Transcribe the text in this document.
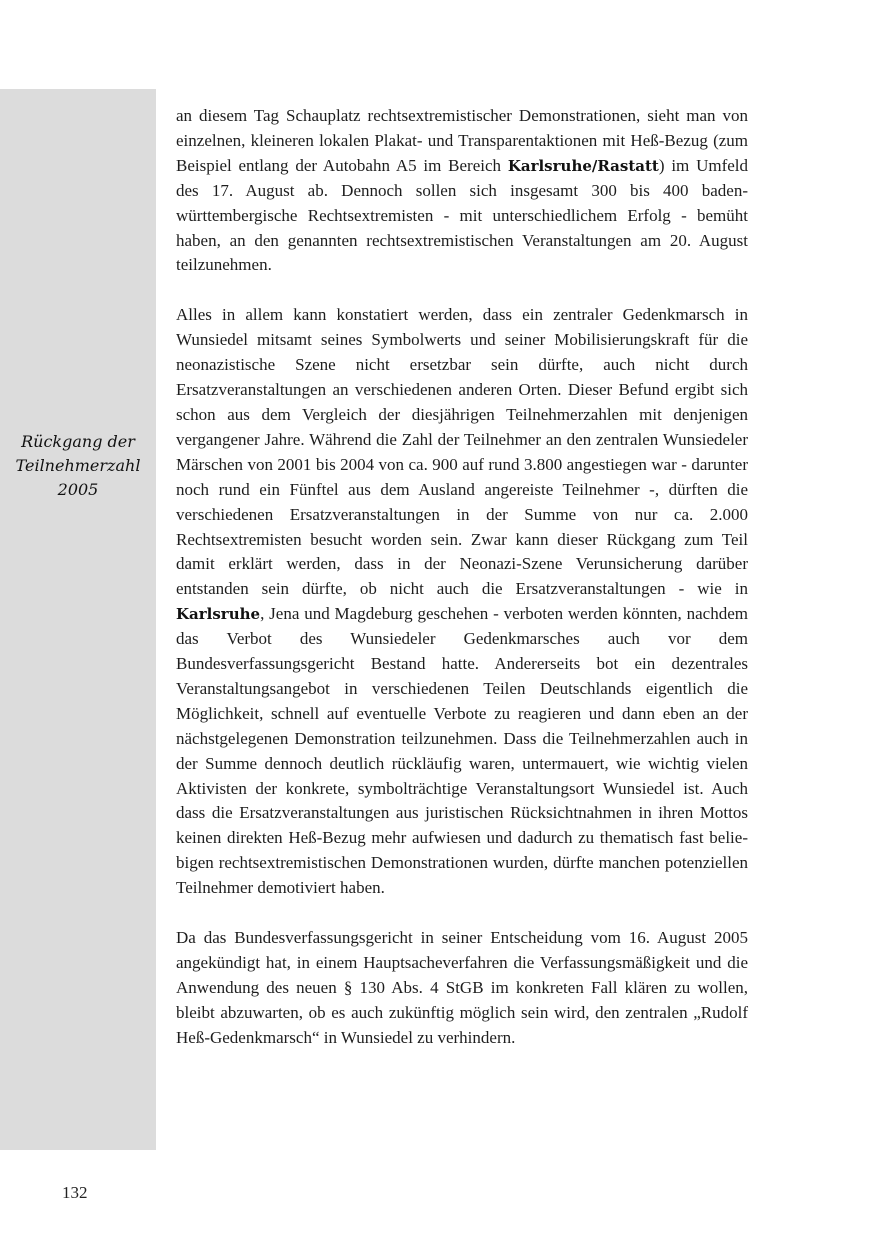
Rückgang der
Teilnehmerzahl
2005

an diesem Tag Schauplatz rechtsextremistischer Demonstrationen, sieht man von einzelnen, kleineren lokalen Plakat- und Transparentaktionen mit Heß-Bezug (zum Beispiel entlang der Autobahn A5 im Bereich Karlsruhe/Rastatt) im Umfeld des 17. August ab. Dennoch sollen sich insgesamt 300 bis 400 baden-württembergische Rechtsextremisten - mit unterschiedlichem Erfolg - bemüht haben, an den genannten rechtsextremistischen Veranstaltungen am 20. August teilzunehmen.

Alles in allem kann konstatiert werden, dass ein zentraler Gedenkmarsch in Wunsiedel mitsamt seines Symbolwerts und seiner Mobilisierungskraft für die neonazistische Szene nicht ersetzbar sein dürfte, auch nicht durch Ersatzveranstaltungen an verschiedenen anderen Orten. Dieser Befund ergibt sich schon aus dem Vergleich der diesjährigen Teilnehmerzahlen mit denjenigen vergangener Jahre. Während die Zahl der Teilnehmer an den zentralen Wunsiedeler Märschen von 2001 bis 2004 von ca. 900 auf rund 3.800 angestiegen war - darunter noch rund ein Fünftel aus dem Ausland angereiste Teilnehmer -, dürften die verschiedenen Ersatzveranstaltungen in der Summe von nur ca. 2.000 Rechtsextremisten besucht worden sein. Zwar kann dieser Rückgang zum Teil damit erklärt werden, dass in der Neonazi-Szene Verunsicherung darüber entstanden sein dürfte, ob nicht auch die Ersatzveranstaltungen - wie in Karlsruhe, Jena und Magdeburg geschehen - verboten werden könnten, nachdem das Verbot des Wunsiedeler Gedenkmarsches auch vor dem Bundesverfassungsgericht Bestand hatte. Andererseits bot ein dezentrales Veranstaltungsangebot in verschiedenen Teilen Deutschlands eigentlich die Möglichkeit, schnell auf eventuelle Verbote zu reagieren und dann eben an der nächstgelegenen Demonstration teilzunehmen. Dass die Teilnehmerzahlen auch in der Summe dennoch deutlich rückläufig waren, untermauert, wie wichtig vielen Aktivisten der konkrete, symbolträchtige Veranstaltungsort Wunsiedel ist. Auch dass die Ersatzveranstaltungen aus juristischen Rücksichtnahmen in ihren Mottos keinen direkten Heß-Bezug mehr aufwiesen und dadurch zu thematisch fast beliebigen rechtsextremistischen Demonstrationen wurden, dürfte manchen potenziellen Teilnehmer demotiviert haben.

Da das Bundesverfassungsgericht in seiner Entscheidung vom 16. August 2005 angekündigt hat, in einem Hauptsacheverfahren die Verfassungsmäßigkeit und die Anwendung des neuen § 130 Abs. 4 StGB im konkreten Fall klären zu wollen, bleibt abzuwarten, ob es auch zukünftig möglich sein wird, den zentralen „Rudolf Heß-Gedenkmarsch“ in Wunsiedel zu verhindern.

132
